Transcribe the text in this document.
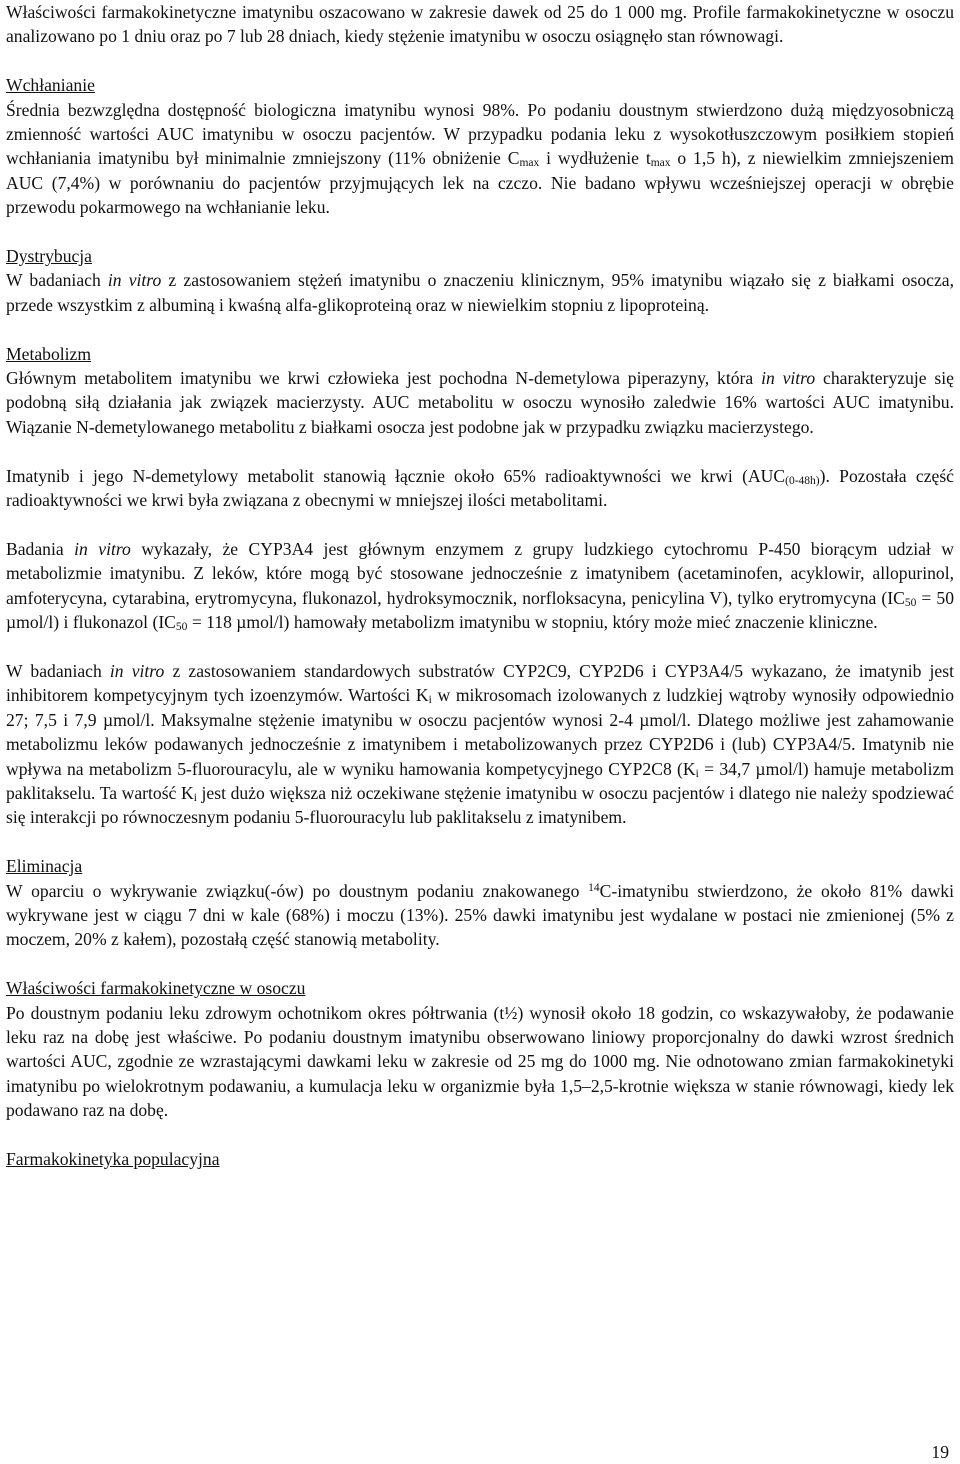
Właściwości farmakokinetyczne imatynibu oszacowano w zakresie dawek od 25 do 1 000 mg. Profile farmakokinetyczne w osoczu analizowano po 1 dniu oraz po 7 lub 28 dniach, kiedy stężenie imatynibu w osoczu osiągnęło stan równowagi.

Wchłanianie

Średnia bezwzględna dostępność biologiczna imatynibu wynosi 98%. Po podaniu doustnym stwierdzono dużą międzyosobniczą zmienność wartości AUC imatynibu w osoczu pacjentów. W przypadku podania leku z wysokotłuszczowym posiłkiem stopień wchłaniania imatynibu był minimalnie zmniejszony (11% obniżenie $C_{max}$ i wydłużenie $t_{max}$ o 1,5 h), z niewielkim zmniejszeniem AUC (7,4%) w porównaniu do pacjentów przyjmujących lek na czczo. Nie badano wpływu wcześniejszej operacji w obrębie przewodu pokarmowego na wchłanianie leku.

Dystrybucja

W badaniach in vitro z zastosowaniem stężeń imatynibu o znaczeniu klinicznym, 95% imatynibu wiązało się z białkami osocza, przede wszystkim z albuminą i kwaśną alfa-glikoproteiną oraz w niewielkim stopniu z lipoproteiną.

Metabolizm

Głównym metabolitem imatynibu we krwi człowieka jest pochodna N-demetylowa piperazyny, która in vitro charakteryzuje się podobną siłą działania jak związek macierzysty. AUC metabolitu w osoczu wynosiło zaledwie 16% wartości AUC imatynibu. Wiązanie N-demetylowanego metabolitu z białkami osocza jest podobne jak w przypadku związku macierzystego.

Imatynib i jego N-demetylowy metabolit stanowią łącznie około 65% radioaktywności we krwi $(AUC_{(0-48h)})$. Pozostała część radioaktywności we krwi była związana z obecnymi w mniejszej ilości metabolitami.

Badania in vitro wykazały, że CYP3A4 jest głównym enzymem z grupy ludzkiego cytochromu P-450 biorącym udział w metabolizmie imatynibu. Z leków, które mogą być stosowane jednocześnie z imatynibem (acetaminofen, acyklowir, allopurinol, amfoterycyna, cytarabina, erytromycyna, flukonazol, hydroksymocznik, norfloksacyna, penicylina V), tylko erytromycyna ($IC_{50} = 50$ µmol/l) i flukonazol ($IC_{50} = 118$ µmol/l) hamowały metabolizm imatynibu w stopniu, który może mieć znaczenie kliniczne.

W badaniach in vitro z zastosowaniem standardowych substratów CYP2C9, CYP2D6 i CYP3A4/5 wykazano, że imatynib jest inhibitorem kompetycyjnym tych izoenzymów. Wartości $K_i$ w mikrosomach izolowanych z ludzkiej wątroby wynosiły odpowiednio 27; 7,5 i 7,9 µmol/l. Maksymalne stężenie imatynibu w osoczu pacjentów wynosi 2-4 µmol/l. Dlatego możliwe jest zahamowanie metabolizmu leków podawanych jednocześnie z imatynibem i metabolizowanych przez CYP2D6 i (lub) CYP3A4/5. Imatynib nie wpływa na metabolizm 5-fluorouracylu, ale w wyniku hamowania kompetycyjnego CYP2C8 ($K_i = 34,7$ µmol/l) hamuje metabolizm paklitakselu. Ta wartość $K_i$ jest dużo większa niż oczekiwane stężenie imatynibu w osoczu pacjentów i dlatego nie należy spodziewać się interakcji po równoczesnym podaniu 5-fluorouracylu lub paklitakselu z imatynibem.

Eliminacja

W oparciu o wykrywanie związku(-ów) po doustnym podaniu znakowanego $^{14}$C-imatynibu stwierdzono, że około 81% dawki wykrywane jest w ciągu 7 dni w kale (68%) i moczu (13%). 25% dawki imatynibu jest wydalane w postaci nie zmienionej (5% z moczem, 20% z kałem), pozostałą część stanowią metabolity.

Właściwości farmakokinetyczne w osoczu

Po doustnym podaniu leku zdrowym ochotnikom okres półtrwania (t½) wynosił około 18 godzin, co wskazywałoby, że podawanie leku raz na dobę jest właściwe. Po podaniu doustnym imatynibu obserwowano liniowy proporcjonalny do dawki wzrost średnich wartości AUC, zgodnie ze wzrastającymi dawkami leku w zakresie od 25 mg do 1000 mg. Nie odnotowano zmian farmakokinetyki imatynibu po wielokrotnym podawaniu, a kumulacja leku w organizmie była 1,5–2,5-krotnie większa w stanie równowagi, kiedy lek podawano raz na dobę.

Farmakokinetyka populacyjna
19
